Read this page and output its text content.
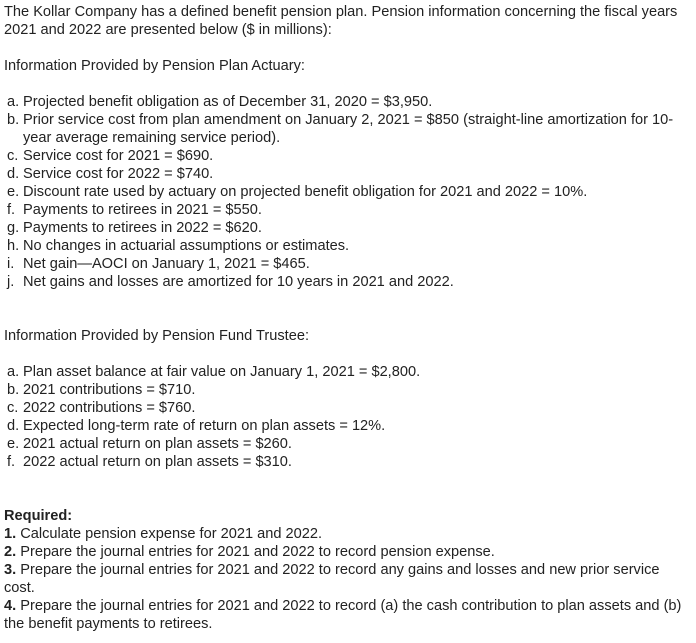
The Kollar Company has a defined benefit pension plan. Pension information concerning the fiscal years 2021 and 2022 are presented below ($ in millions):

Information Provided by Pension Plan Actuary:

a. Projected benefit obligation as of December 31, 2020 = $3,950.
b. Prior service cost from plan amendment on January 2, 2021 = $850 (straight-line amortization for 10-year average remaining service period).
c. Service cost for 2021 = $690.
d. Service cost for 2022 = $740.
e. Discount rate used by actuary on projected benefit obligation for 2021 and 2022 = 10%.
f. Payments to retirees in 2021 = $550.
g. Payments to retirees in 2022 = $620.
h. No changes in actuarial assumptions or estimates.
i. Net gain—AOCI on January 1, 2021 = $465.
j. Net gains and losses are amortized for 10 years in 2021 and 2022.

Information Provided by Pension Fund Trustee:

a. Plan asset balance at fair value on January 1, 2021 = $2,800.
b. 2021 contributions = $710.
c. 2022 contributions = $760.
d. Expected long-term rate of return on plan assets = 12%.
e. 2021 actual return on plan assets = $260.
f. 2022 actual return on plan assets = $310.

Required:

1. Calculate pension expense for 2021 and 2022.

2. Prepare the journal entries for 2021 and 2022 to record pension expense.

3. Prepare the journal entries for 2021 and 2022 to record any gains and losses and new prior service cost.

4. Prepare the journal entries for 2021 and 2022 to record (a) the cash contribution to plan assets and (b) the benefit payments to retirees.
